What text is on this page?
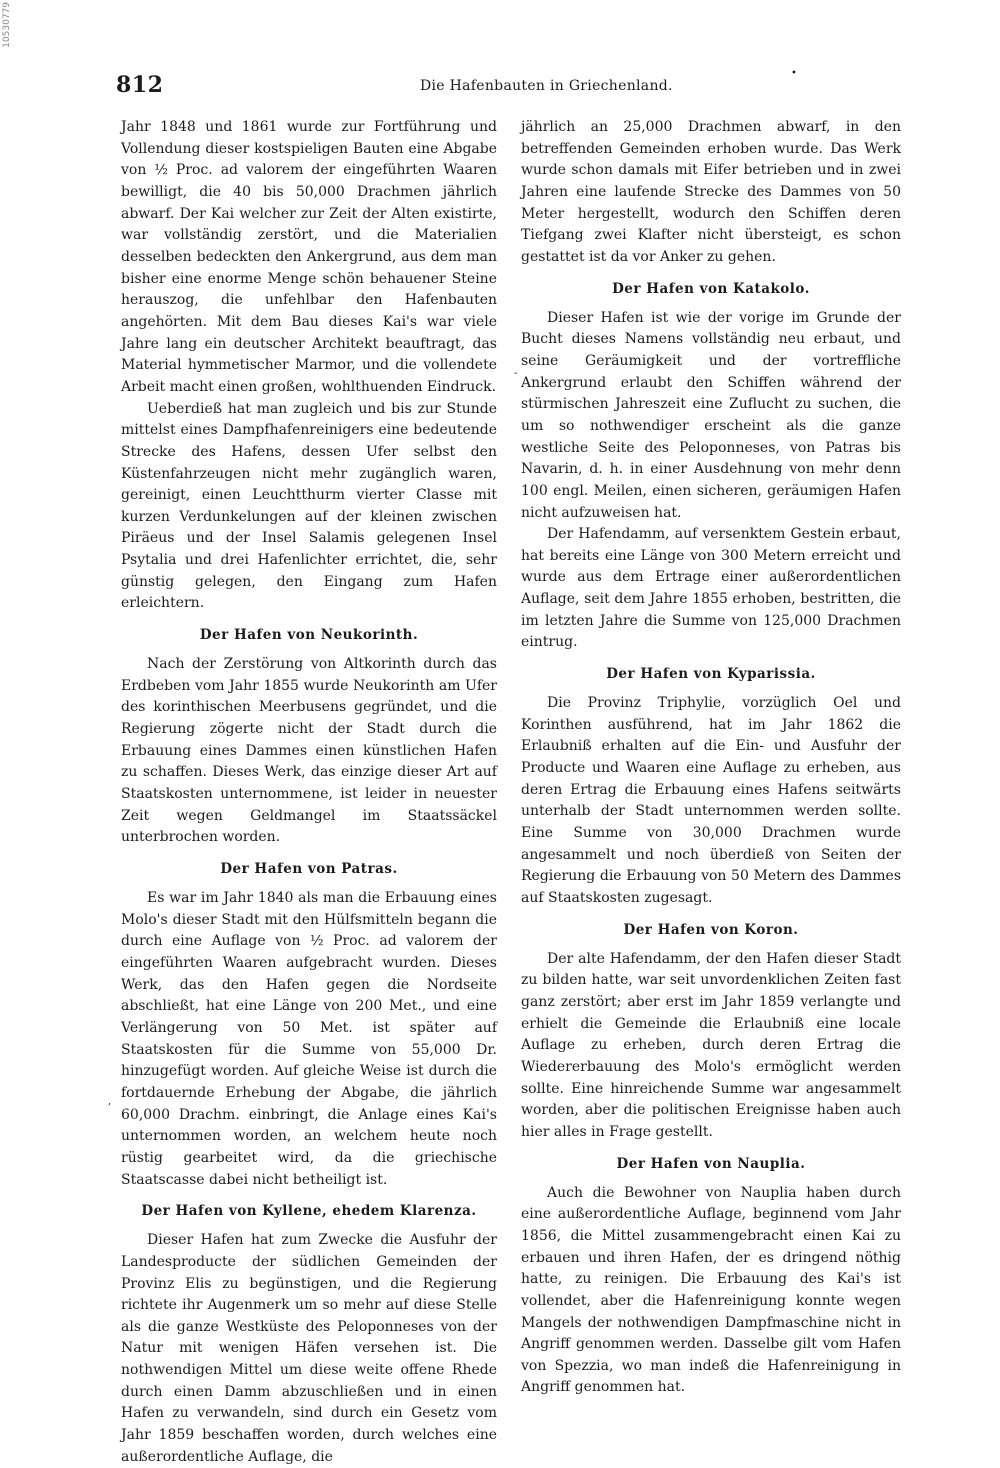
10530779
812	Die Hafenbauten in Griechenland.
•
,
-

Jahr 1848 und 1861 wurde zur Fortführung und Vollendung dieser kostspieligen Bauten eine Abgabe von ½ Proc. ad valorem der eingeführten Waaren bewilligt, die 40 bis 50,000 Drachmen jährlich abwarf. Der Kai welcher zur Zeit der Alten existirte, war vollständig zerstört, und die Materialien desselben bedeckten den Ankergrund, aus dem man bisher eine enorme Menge schön behauener Steine herauszog, die unfehlbar den Hafenbauten angehörten. Mit dem Bau dieses Kai's war viele Jahre lang ein deutscher Architekt beauftragt, das Material hymmetischer Marmor, und die vollendete Arbeit macht einen großen, wohlthuenden Eindruck.

Ueberdieß hat man zugleich und bis zur Stunde mittelst eines Dampfhafenreinigers eine bedeutende Strecke des Hafens, dessen Ufer selbst den Küstenfahrzeugen nicht mehr zugänglich waren, gereinigt, einen Leuchtthurm vierter Classe mit kurzen Verdunkelungen auf der kleinen zwischen Piräeus und der Insel Salamis gelegenen Insel Psytalia und drei Hafenlichter errichtet, die, sehr günstig gelegen, den Eingang zum Hafen erleichtern.

Der Hafen von Neukorinth.

Nach der Zerstörung von Altkorinth durch das Erdbeben vom Jahr 1855 wurde Neukorinth am Ufer des korinthischen Meerbusens gegründet, und die Regierung zögerte nicht der Stadt durch die Erbauung eines Dammes einen künstlichen Hafen zu schaffen. Dieses Werk, das einzige dieser Art auf Staatskosten unternommene, ist leider in neuester Zeit wegen Geldmangel im Staatssäckel unterbrochen worden.

Der Hafen von Patras.

Es war im Jahr 1840 als man die Erbauung eines Molo's dieser Stadt mit den Hülfsmitteln begann die durch eine Auflage von ½ Proc. ad valorem der eingeführten Waaren aufgebracht wurden. Dieses Werk, das den Hafen gegen die Nordseite abschließt, hat eine Länge von 200 Met., und eine Verlängerung von 50 Met. ist später auf Staatskosten für die Summe von 55,000 Dr. hinzugefügt worden. Auf gleiche Weise ist durch die fortdauernde Erhebung der Abgabe, die jährlich 60,000 Drachm. einbringt, die Anlage eines Kai's unternommen worden, an welchem heute noch rüstig gearbeitet wird, da die griechische Staatscasse dabei nicht betheiligt ist.

Der Hafen von Kyllene, ehedem Klarenza.

Dieser Hafen hat zum Zwecke die Ausfuhr der Landesproducte der südlichen Gemeinden der Provinz Elis zu begünstigen, und die Regierung richtete ihr Augenmerk um so mehr auf diese Stelle als die ganze Westküste des Peloponneses von der Natur mit wenigen Häfen versehen ist. Die nothwendigen Mittel um diese weite offene Rhede durch einen Damm abzuschließen und in einen Hafen zu verwandeln, sind durch ein Gesetz vom Jahr 1859 beschaffen worden, durch welches eine außerordentliche Auflage, die

jährlich an 25,000 Drachmen abwarf, in den betreffenden Gemeinden erhoben wurde. Das Werk wurde schon damals mit Eifer betrieben und in zwei Jahren eine laufende Strecke des Dammes von 50 Meter hergestellt, wodurch den Schiffen deren Tiefgang zwei Klafter nicht übersteigt, es schon gestattet ist da vor Anker zu gehen.

Der Hafen von Katakolo.

Dieser Hafen ist wie der vorige im Grunde der Bucht dieses Namens vollständig neu erbaut, und seine Geräumigkeit und der vortreffliche Ankergrund erlaubt den Schiffen während der stürmischen Jahreszeit eine Zuflucht zu suchen, die um so nothwendiger erscheint als die ganze westliche Seite des Peloponneses, von Patras bis Navarin, d. h. in einer Ausdehnung von mehr denn 100 engl. Meilen, einen sicheren, geräumigen Hafen nicht aufzuweisen hat.

Der Hafendamm, auf versenktem Gestein erbaut, hat bereits eine Länge von 300 Metern erreicht und wurde aus dem Ertrage einer außerordentlichen Auflage, seit dem Jahre 1855 erhoben, bestritten, die im letzten Jahre die Summe von 125,000 Drachmen eintrug.

Der Hafen von Kyparissia.

Die Provinz Triphylie, vorzüglich Oel und Korinthen ausführend, hat im Jahr 1862 die Erlaubniß erhalten auf die Ein- und Ausfuhr der Producte und Waaren eine Auflage zu erheben, aus deren Ertrag die Erbauung eines Hafens seitwärts unterhalb der Stadt unternommen werden sollte. Eine Summe von 30,000 Drachmen wurde angesammelt und noch überdieß von Seiten der Regierung die Erbauung von 50 Metern des Dammes auf Staatskosten zugesagt.

Der Hafen von Koron.

Der alte Hafendamm, der den Hafen dieser Stadt zu bilden hatte, war seit unvordenklichen Zeiten fast ganz zerstört; aber erst im Jahr 1859 verlangte und erhielt die Gemeinde die Erlaubniß eine locale Auflage zu erheben, durch deren Ertrag die Wiedererbauung des Molo's ermöglicht werden sollte. Eine hinreichende Summe war angesammelt worden, aber die politischen Ereignisse haben auch hier alles in Frage gestellt.

Der Hafen von Nauplia.

Auch die Bewohner von Nauplia haben durch eine außerordentliche Auflage, beginnend vom Jahr 1856, die Mittel zusammengebracht einen Kai zu erbauen und ihren Hafen, der es dringend nöthig hatte, zu reinigen. Die Erbauung des Kai's ist vollendet, aber die Hafenreinigung konnte wegen Mangels der nothwendigen Dampfmaschine nicht in Angriff genommen werden. Dasselbe gilt vom Hafen von Spezzia, wo man indeß die Hafenreinigung in Angriff genommen hat.
